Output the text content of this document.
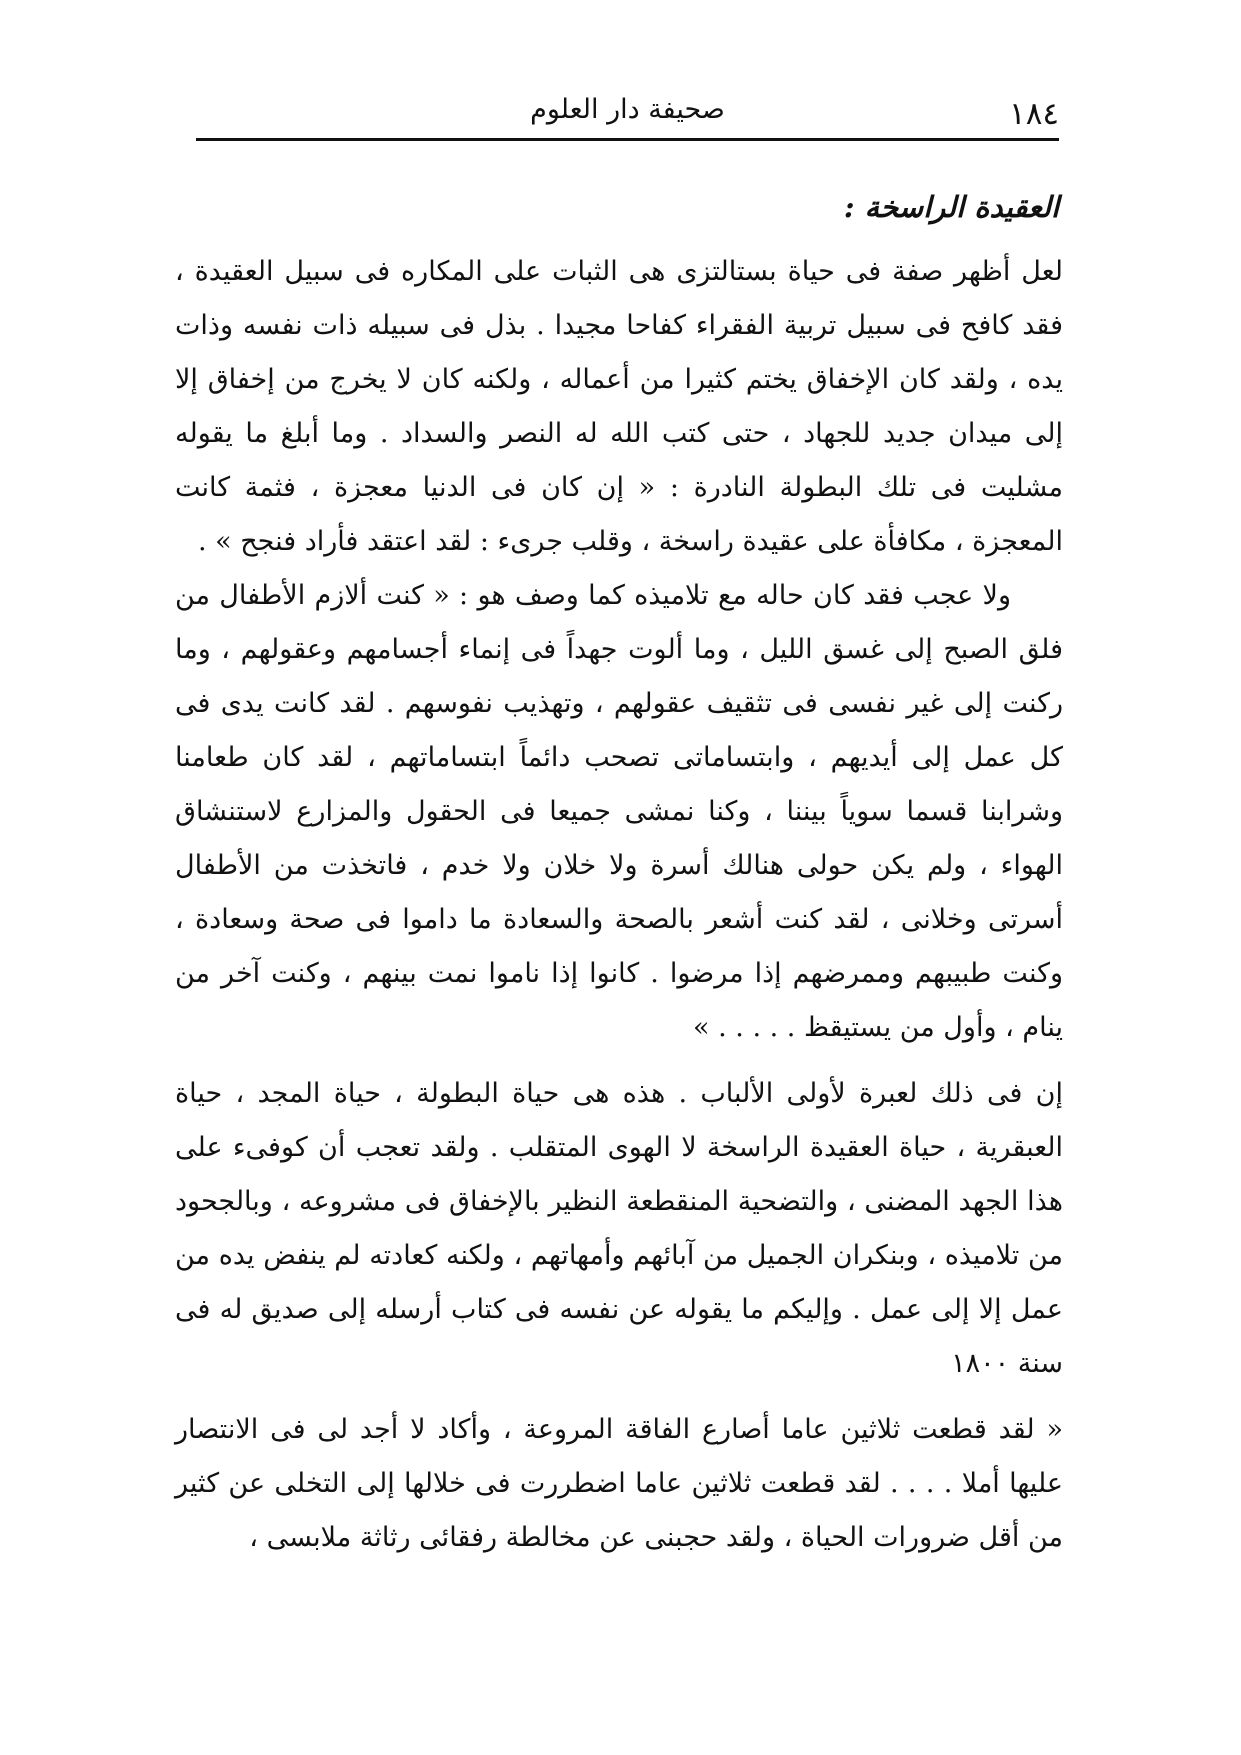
١٨٤
صحيفة دار العلوم
العقيدة الراسخة :

لعل أظهر صفة فى حياة بستالتزى هى الثبات على المكاره فى سبيل العقيدة ، فقد كافح فى سبيل تربية الفقراء كفاحا مجيدا . بذل فى سبيله ذات نفسه وذات يده ، ولقد كان الإخفاق يختم كثيرا من أعماله ، ولكنه كان لا يخرج من إخفاق إلا إلى ميدان جديد للجهاد ، حتى كتب الله له النصر والسداد . وما أبلغ ما يقوله مشليت فى تلك البطولة النادرة : « إن كان فى الدنيا معجزة ، فثمة كانت المعجزة ، مكافأة على عقيدة راسخة ، وقلب جرىء : لقد اعتقد فأراد فنجح » .

ولا عجب فقد كان حاله مع تلاميذه كما وصف هو : « كنت ألازم الأطفال من فلق الصبح إلى غسق الليل ، وما ألوت جهداً فى إنماء أجسامهم وعقولهم ، وما ركنت إلى غير نفسى فى تثقيف عقولهم ، وتهذيب نفوسهم . لقد كانت يدى فى كل عمل إلى أيديهم ، وابتساماتى تصحب دائماً ابتساماتهم ، لقد كان طعامنا وشرابنا قسما سوياً بيننا ، وكنا نمشى جميعا فى الحقول والمزارع لاستنشاق الهواء ، ولم يكن حولى هنالك أسرة ولا خلان ولا خدم ، فاتخذت من الأطفال أسرتى وخلانى ، لقد كنت أشعر بالصحة والسعادة ما داموا فى صحة وسعادة ، وكنت طبيبهم وممرضهم إذا مرضوا . كانوا إذا ناموا نمت بينهم ، وكنت آخر من ينام ، وأول من يستيقظ . . . . . »

إن فى ذلك لعبرة لأولى الألباب . هذه هى حياة البطولة ، حياة المجد ، حياة العبقرية ، حياة العقيدة الراسخة لا الهوى المتقلب . ولقد تعجب أن كوفىء على هذا الجهد المضنى ، والتضحية المنقطعة النظير بالإخفاق فى مشروعه ، وبالجحود من تلاميذه ، وبنكران الجميل من آبائهم وأمهاتهم ، ولكنه كعادته لم ينفض يده من عمل إلا إلى عمل . وإليكم ما يقوله عن نفسه فى كتاب أرسله إلى صديق له فى سنة ١٨٠٠

« لقد قطعت ثلاثين عاما أصارع الفاقة المروعة ، وأكاد لا أجد لى فى الانتصار عليها أملا . . . . لقد قطعت ثلاثين عاما اضطررت فى خلالها إلى التخلى عن كثير من أقل ضرورات الحياة ، ولقد حجبنى عن مخالطة رفقائى رثاثة ملابسى ،
